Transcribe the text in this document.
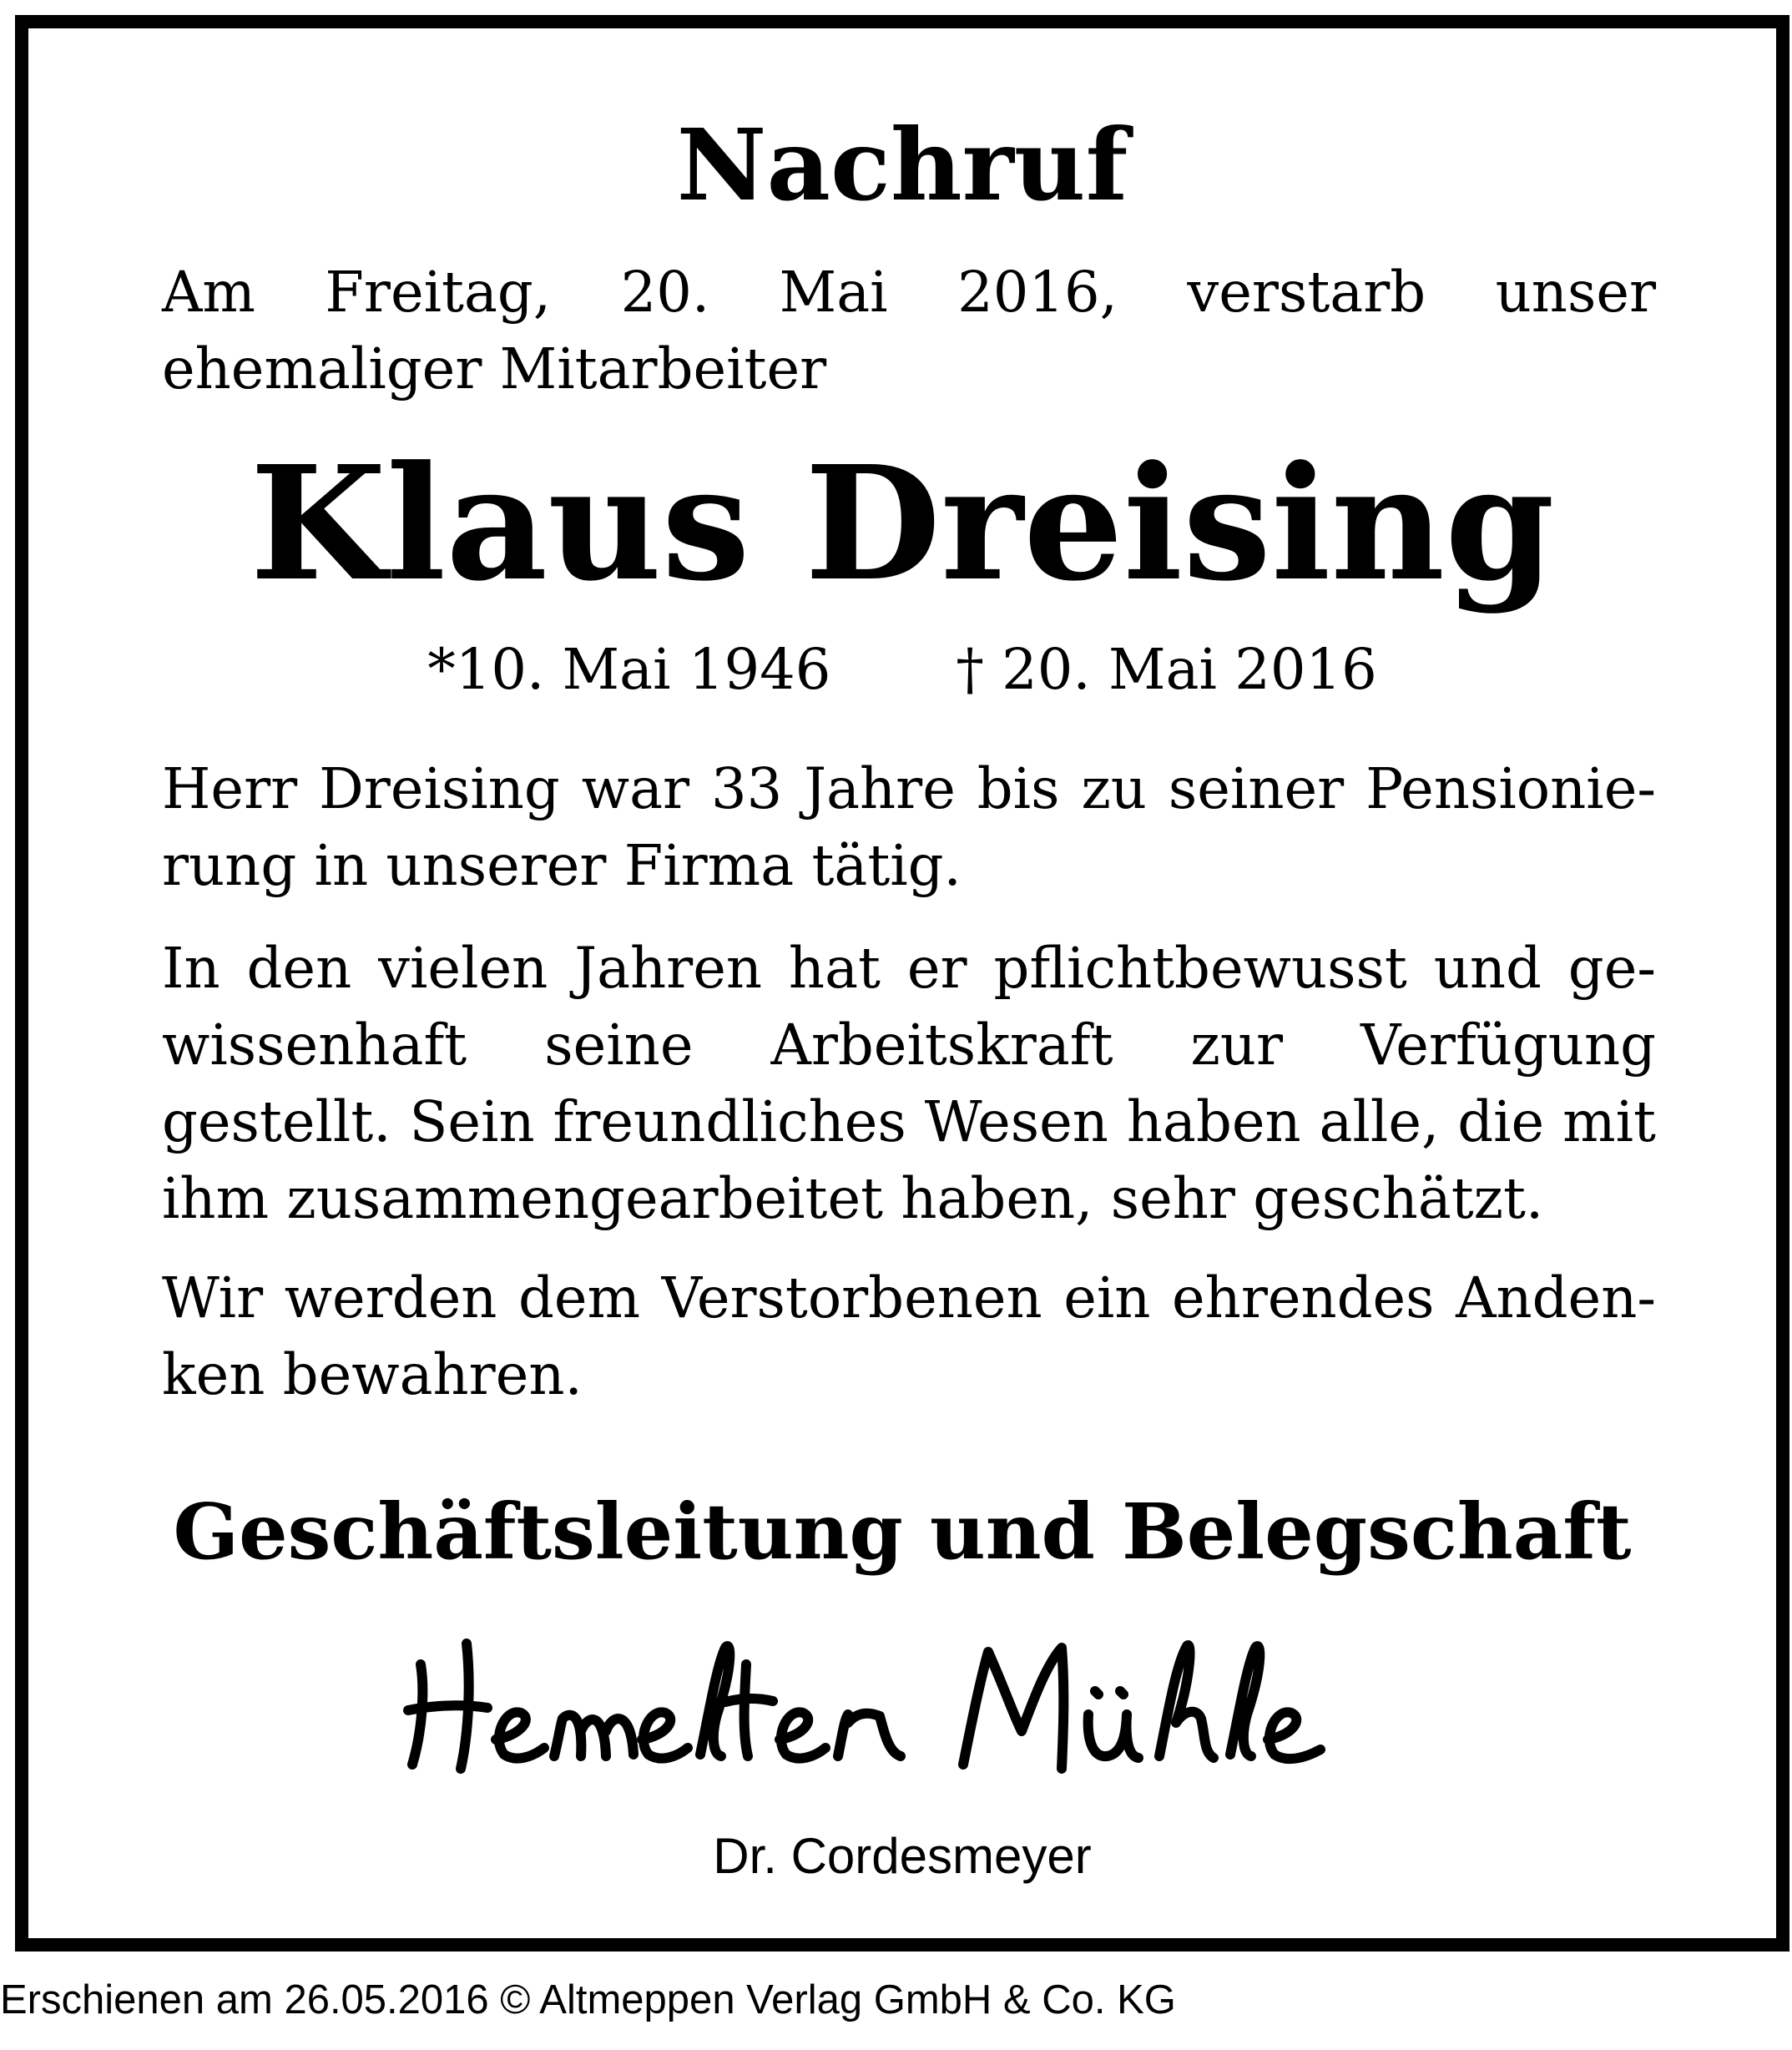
Nachruf
Am Freitag, 20. Mai 2016, verstarb unser ehemaliger Mitarbeiter
Klaus Dreising
*10. Mai 1946 † 20. Mai 2016
Herr Dreising war 33 Jahre bis zu seiner Pensionierung in unserer Firma tätig.
In den vielen Jahren hat er pflichtbewusst und gewissenhaft seine Arbeitskraft zur Verfügung gestellt. Sein freundliches Wesen haben alle, die mit ihm zusammengearbeitet haben, sehr geschätzt.
Wir werden dem Verstorbenen ein ehrendes Andenken bewahren.
Geschäftsleitung und Belegschaft
Dr. Cordesmeyer
Erschienen am 26.05.2016 © Altmeppen Verlag GmbH & Co. KG
